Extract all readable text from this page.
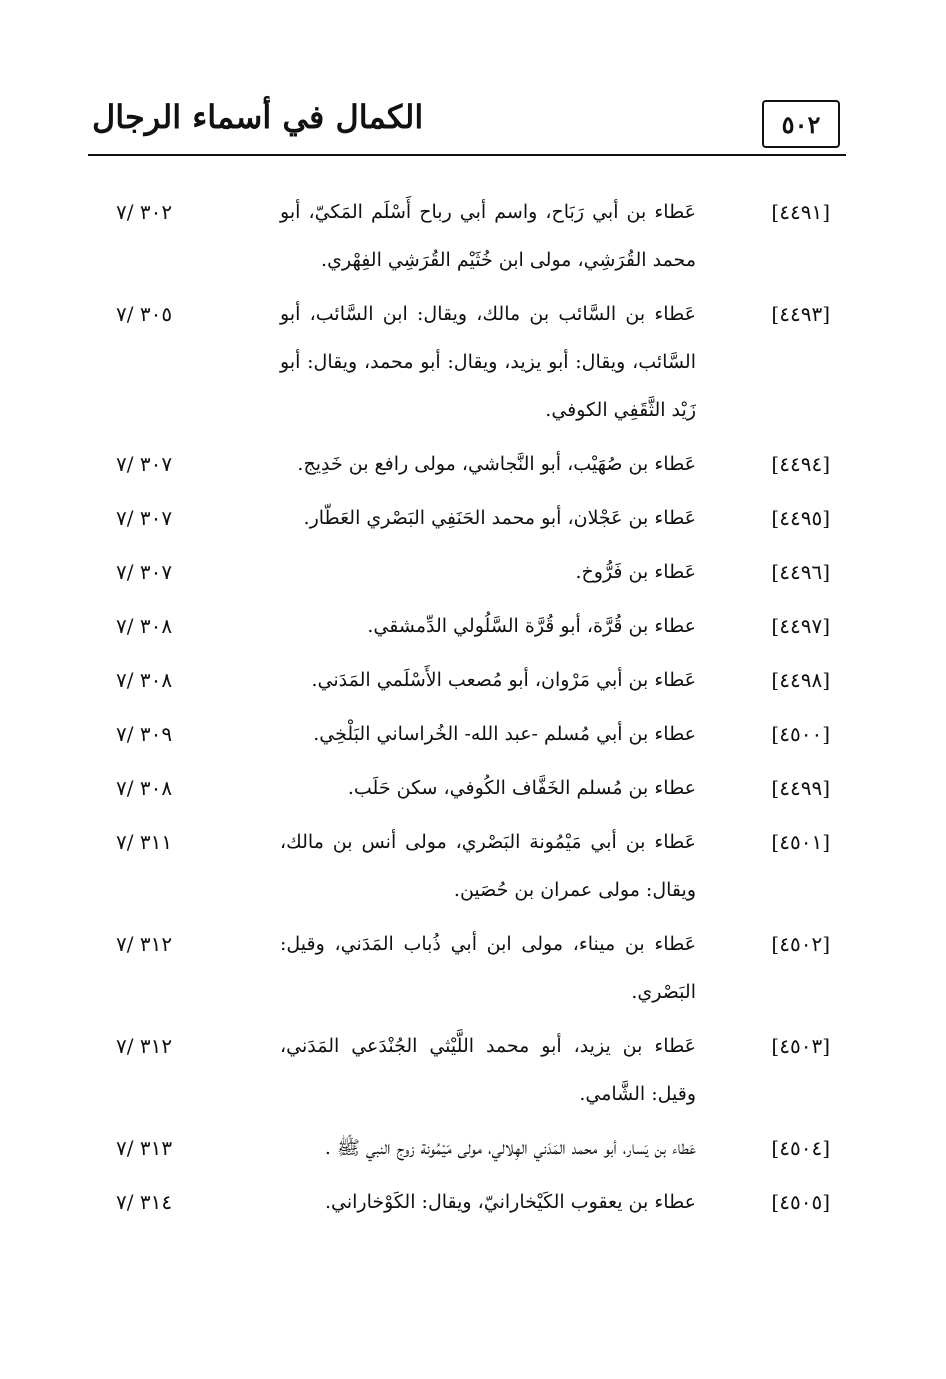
٥٠٢
الكمال في أسماء الرجال
[٤٤٩١]
عَطاء بن أبي رَبَاح، واسم أبي رباح أَسْلَم المَكيّ، أبو محمد القُرَشِي، مولى ابن خُثَيْم القُرَشِي الفِهْري.
٣٠٢ /٧
[٤٤٩٣]
عَطاء بن السَّائب بن مالك، ويقال: ابن السَّائب، أبو السَّائب، ويقال: أبو يزيد، ويقال: أبو محمد، ويقال: أبو زَيْد الثَّقَفِي الكوفي.
٣٠٥ /٧
[٤٤٩٤]
عَطاء بن صُهَيْب، أبو النَّجاشي، مولى رافع بن خَدِيج.
٣٠٧ /٧
[٤٤٩٥]
عَطاء بن عَجْلان، أبو محمد الحَنَفِي البَصْري العَطّار.
٣٠٧ /٧
[٤٤٩٦]
عَطاء بن فَرُّوخ.
٣٠٧ /٧
[٤٤٩٧]
عطاء بن قُرَّة، أبو قُرَّة السَّلُولي الدِّمشقي.
٣٠٨ /٧
[٤٤٩٨]
عَطاء بن أبي مَرْوان، أبو مُصعب الأَسْلَمي المَدَني.
٣٠٨ /٧
[٤٥٠٠]
عطاء بن أبي مُسلم -عبد الله- الخُراساني البَلْخِي.
٣٠٩ /٧
[٤٤٩٩]
عطاء بن مُسلم الخَفَّاف الكُوفي، سكن حَلَب.
٣٠٨ /٧
[٤٥٠١]
عَطاء بن أبي مَيْمُونة البَصْري، مولى أنس بن مالك، ويقال: مولى عمران بن حُصَين.
٣١١ /٧
[٤٥٠٢]
عَطاء بن ميناء، مولى ابن أبي ذُباب المَدَني، وقيل: البَصْري.
٣١٢ /٧
[٤٥٠٣]
عَطاء بن يزيد، أبو محمد اللَّيْثي الجُنْدَعي المَدَني، وقيل: الشَّامي.
٣١٢ /٧
[٤٥٠٤]
عَطاء بن يَسار، أبو محمد المَدَني الهِلالي، مولى مَيْمُونة زوج النبي ﷺ .
٣١٣ /٧
[٤٥٠٥]
عطاء بن يعقوب الكَيْخارانيّ، ويقال: الكَوْخاراني.
٣١٤ /٧
